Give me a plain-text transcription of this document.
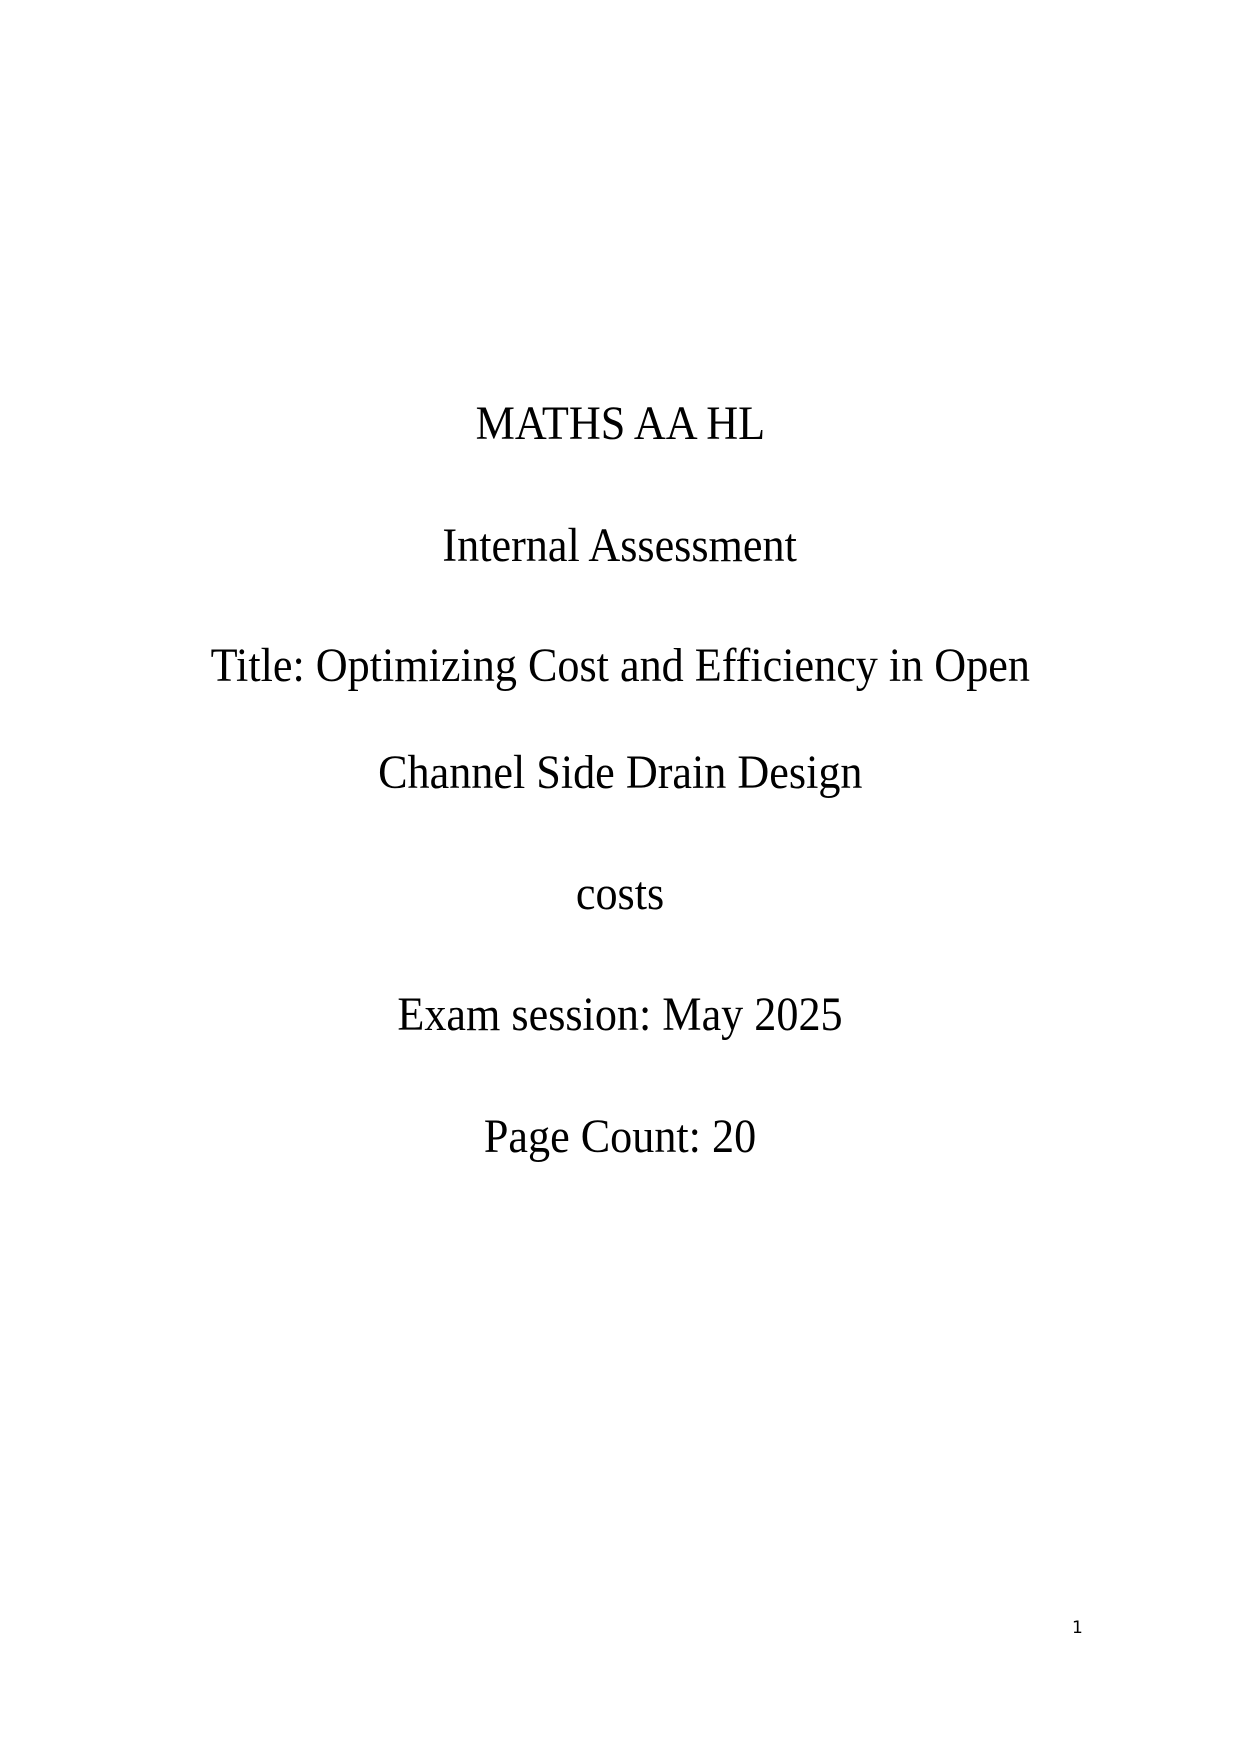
MATHS AA HL
Internal Assessment
Title: Optimizing Cost and Efficiency in Open
Channel Side Drain Design
costs
Exam session: May 2025
Page Count: 20
1
